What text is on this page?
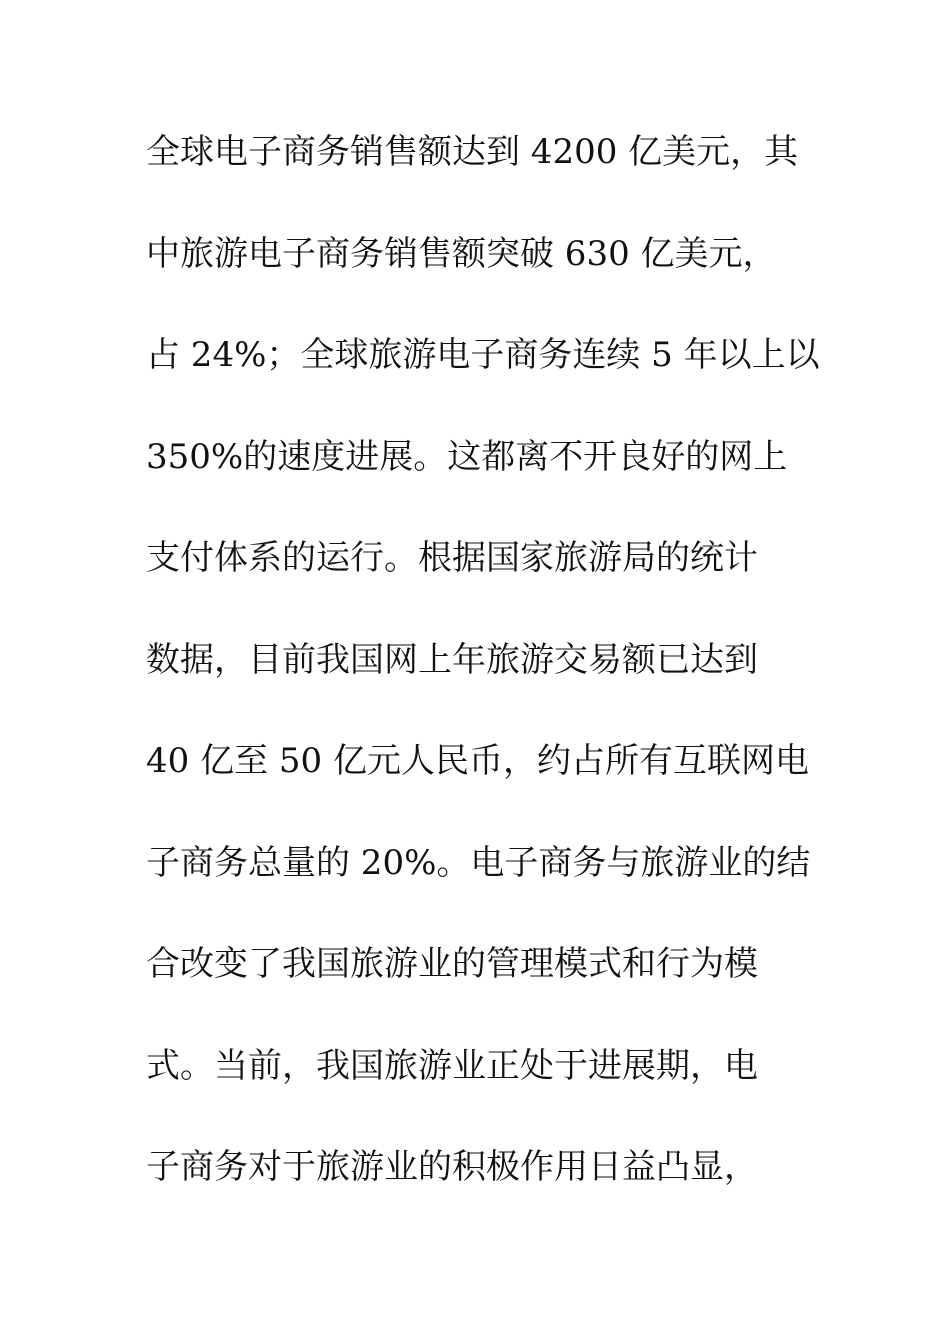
全球电子商务销售额达到 4200 亿美元，其
中旅游电子商务销售额突破 630 亿美元，
占 24%；全球旅游电子商务连续 5 年以上以
350%的速度进展。这都离不开良好的网上
支付体系的运行。根据国家旅游局的统计
数据，目前我国网上年旅游交易额已达到
40 亿至 50 亿元人民币，约占所有互联网电
子商务总量的 20%。电子商务与旅游业的结
合改变了我国旅游业的管理模式和行为模
式。当前，我国旅游业正处于进展期，电
子商务对于旅游业的积极作用日益凸显，
